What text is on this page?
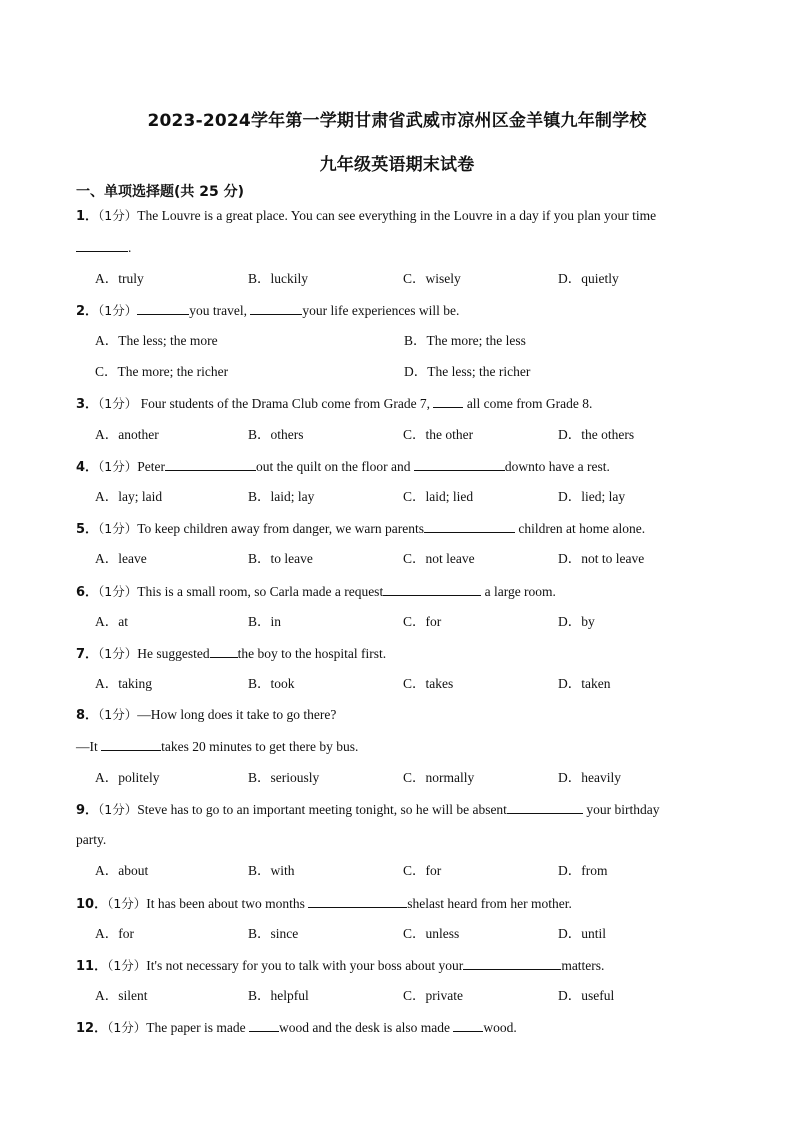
2023-2024学年第一学期甘肃省武威市凉州区金羊镇九年制学校
九年级英语期末试卷
一、单项选择题(共 25 分)
1．（1分）The Louvre is a great place. You can see everything in the Louvre in a day if you plan your time
.
A．truly	B．luckily	C．wisely	D．quietly
2．（1分）	you travel,	your life experiences will be.
A．The less; the more	B．The more; the less
C．The more; the richer	D．The less; the richer
3．（1分） Four students of the Drama Club come from Grade 7,  all come from Grade 8.
A．another	B．others	C．the other	D．the others
4．（1分）Peter	out the quilt on the floor and	downto have a rest.
A．lay; laid	B．laid; lay	C．laid; lied	D．lied; lay
5．（1分）To keep children away from danger, we warn parents	children at home alone.
A．leave	B．to leave	C．not leave	D．not to leave
6．（1分）This is a small room, so Carla made a request	a large room.
A．at	B．in	C．for	D．by
7．（1分）He suggested the boy to the hospital first.
A．taking	B．took	C．takes	D．taken
8．（1分）—How long does it take to go there?
—It	takes 20 minutes to get there by bus.
A．politely	B．seriously	C．normally	D．heavily
9．（1分）Steve has to go to an important meeting tonight, so he will be absent	your birthday
party.
A．about	B．with	C．for	D．from
10．（1分）It has been about two months	shelast heard from her mother.
A．for	B．since	C．unless	D．until
11．（1分）It's not necessary for you to talk with your boss about your	matters.
A．silent	B．helpful	C．private	D．useful
12．（1分）The paper is made wood and the desk is also made wood.
